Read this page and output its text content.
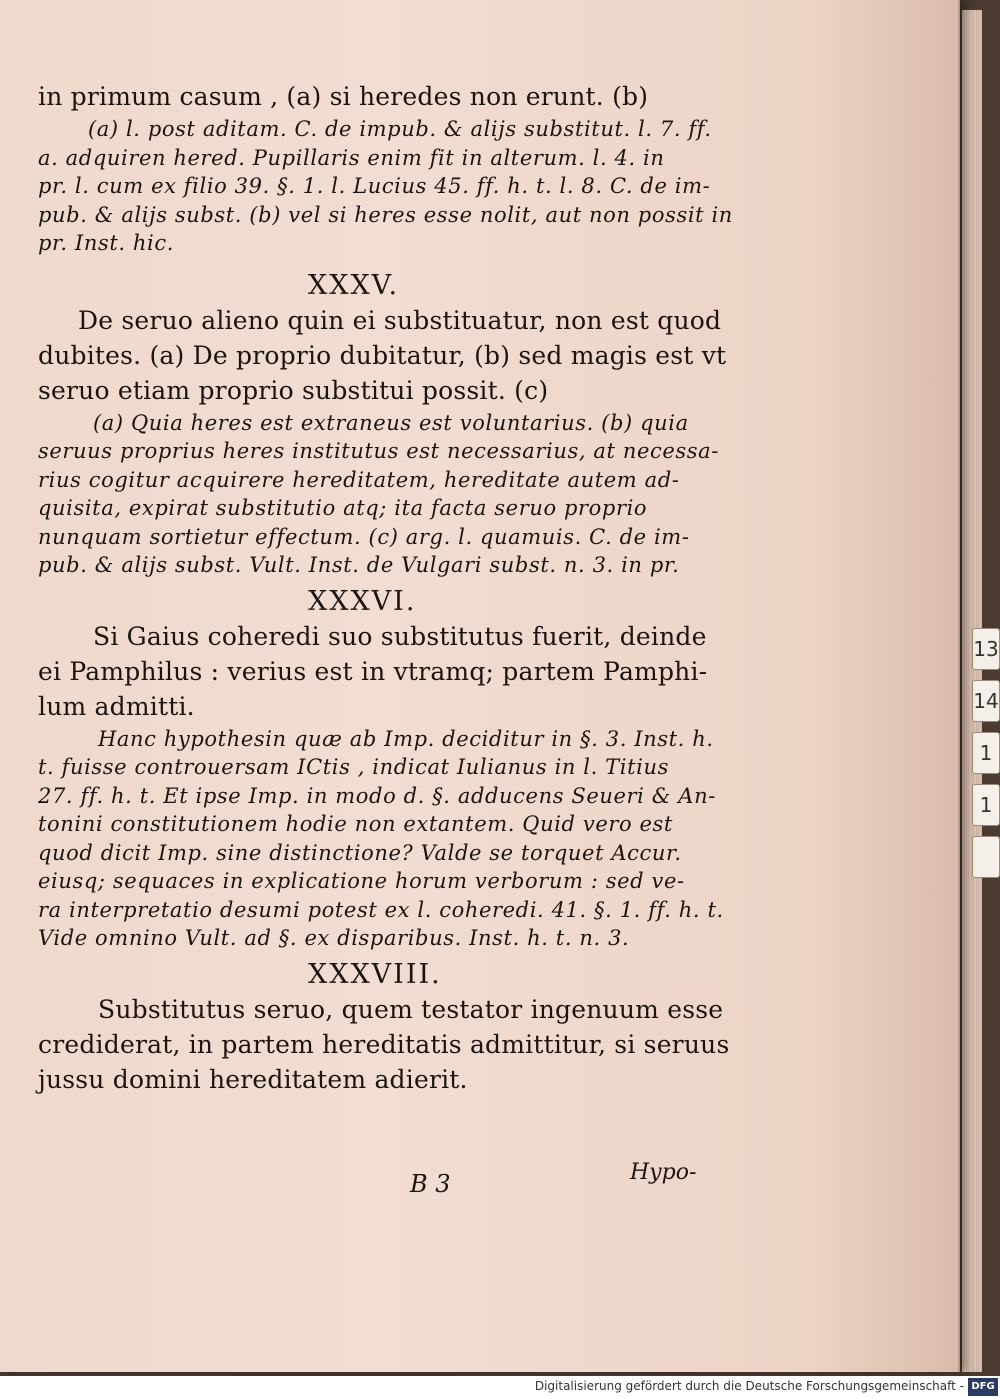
13
14
1
1
in primum casum , (a) si heredes non erunt. (b)
(a) l. post aditam. C. de impub. & alijs substitut. l. 7. ff.
a. adquiren hered. Pupillaris enim fit in alterum. l. 4. in
pr. l. cum ex filio 39. §. 1. l. Lucius 45. ff. h. t. l. 8. C. de im-
pub. & alijs subst. (b) vel si heres esse nolit, aut non possit in
pr. Inst. hic.
XXXV.
De seruo alieno quin ei substituatur, non est quod
dubites. (a) De proprio dubitatur, (b) sed magis est vt
seruo etiam proprio substitui possit. (c)
(a) Quia heres est extraneus est voluntarius. (b) quia
seruus proprius heres institutus est necessarius, at necessa-
rius cogitur acquirere hereditatem, hereditate autem ad-
quisita, expirat substitutio atq; ita facta seruo proprio
nunquam sortietur effectum. (c) arg. l. quamuis. C. de im-
pub. & alijs subst. Vult. Inst. de Vulgari subst. n. 3. in pr.
XXXVI.
Si Gaius coheredi suo substitutus fuerit, deinde
ei Pamphilus : verius est in vtramq; partem Pamphi-
lum admitti.
Hanc hypothesin quæ ab Imp. deciditur in §. 3. Inst. h.
t. fuisse controuersam ICtis , indicat Iulianus in l. Titius
27. ff. h. t. Et ipse Imp. in modo d. §. adducens Seueri & An-
tonini constitutionem hodie non extantem. Quid vero est
quod dicit Imp. sine distinctione? Valde se torquet Accur.
eiusq; sequaces in explicatione horum verborum : sed ve-
ra interpretatio desumi potest ex l. coheredi. 41. §. 1. ff. h. t.
Vide omnino Vult. ad §. ex disparibus. Inst. h. t. n. 3.
XXXVIII.
Substitutus seruo, quem testator ingenuum esse
crediderat, in partem hereditatis admittitur, si seruus
jussu domini hereditatem adierit.
B 3	Hypo-
Digitalisierung gefördert durch die Deutsche Forschungsgemeinschaft - DFG
